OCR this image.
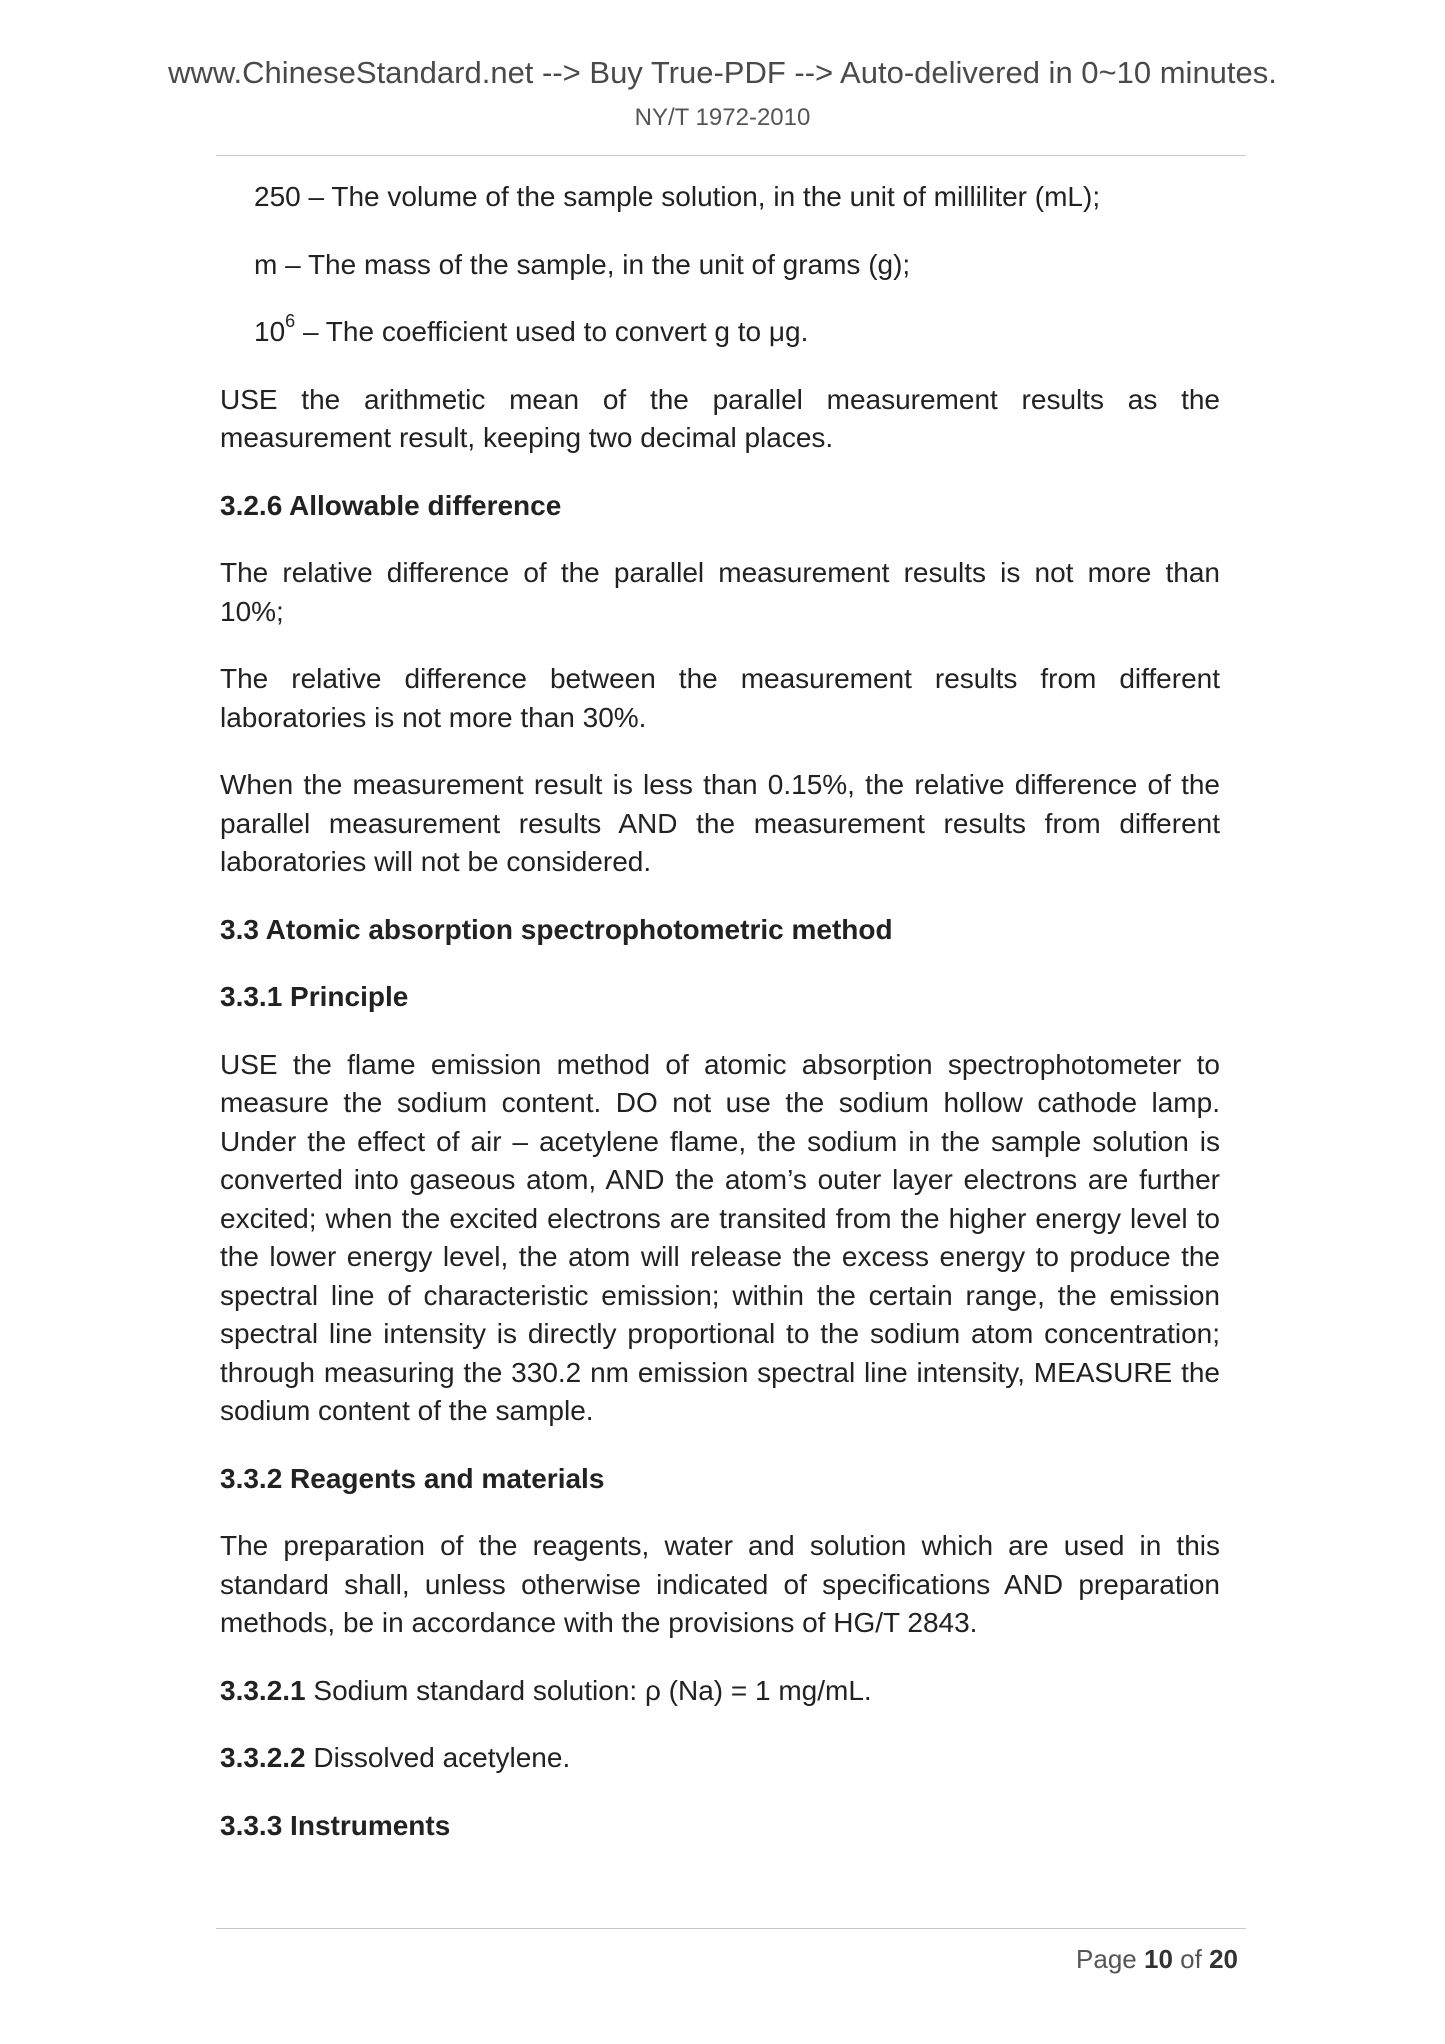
www.ChineseStandard.net --> Buy True-PDF --> Auto-delivered in 0~10 minutes.
NY/T 1972-2010

250 – The volume of the sample solution, in the unit of milliliter (mL);

m – The mass of the sample, in the unit of grams (g);

$10^6$ – The coefficient used to convert g to μg.

USE the arithmetic mean of the parallel measurement results as the measurement result, keeping two decimal places.

3.2.6 Allowable difference

The relative difference of the parallel measurement results is not more than 10%;

The relative difference between the measurement results from different laboratories is not more than 30%.

When the measurement result is less than 0.15%, the relative difference of the parallel measurement results AND the measurement results from different laboratories will not be considered.

3.3 Atomic absorption spectrophotometric method

3.3.1 Principle

USE the flame emission method of atomic absorption spectrophotometer to measure the sodium content. DO not use the sodium hollow cathode lamp. Under the effect of air – acetylene flame, the sodium in the sample solution is converted into gaseous atom, AND the atom’s outer layer electrons are further excited; when the excited electrons are transited from the higher energy level to the lower energy level, the atom will release the excess energy to produce the spectral line of characteristic emission; within the certain range, the emission spectral line intensity is directly proportional to the sodium atom concentration; through measuring the 330.2 nm emission spectral line intensity, MEASURE the sodium content of the sample.

3.3.2 Reagents and materials

The preparation of the reagents, water and solution which are used in this standard shall, unless otherwise indicated of specifications AND preparation methods, be in accordance with the provisions of HG/T 2843.

3.3.2.1 Sodium standard solution: ρ (Na) = 1 mg/mL.

3.3.2.2 Dissolved acetylene.

3.3.3 Instruments

Page 10 of 20
